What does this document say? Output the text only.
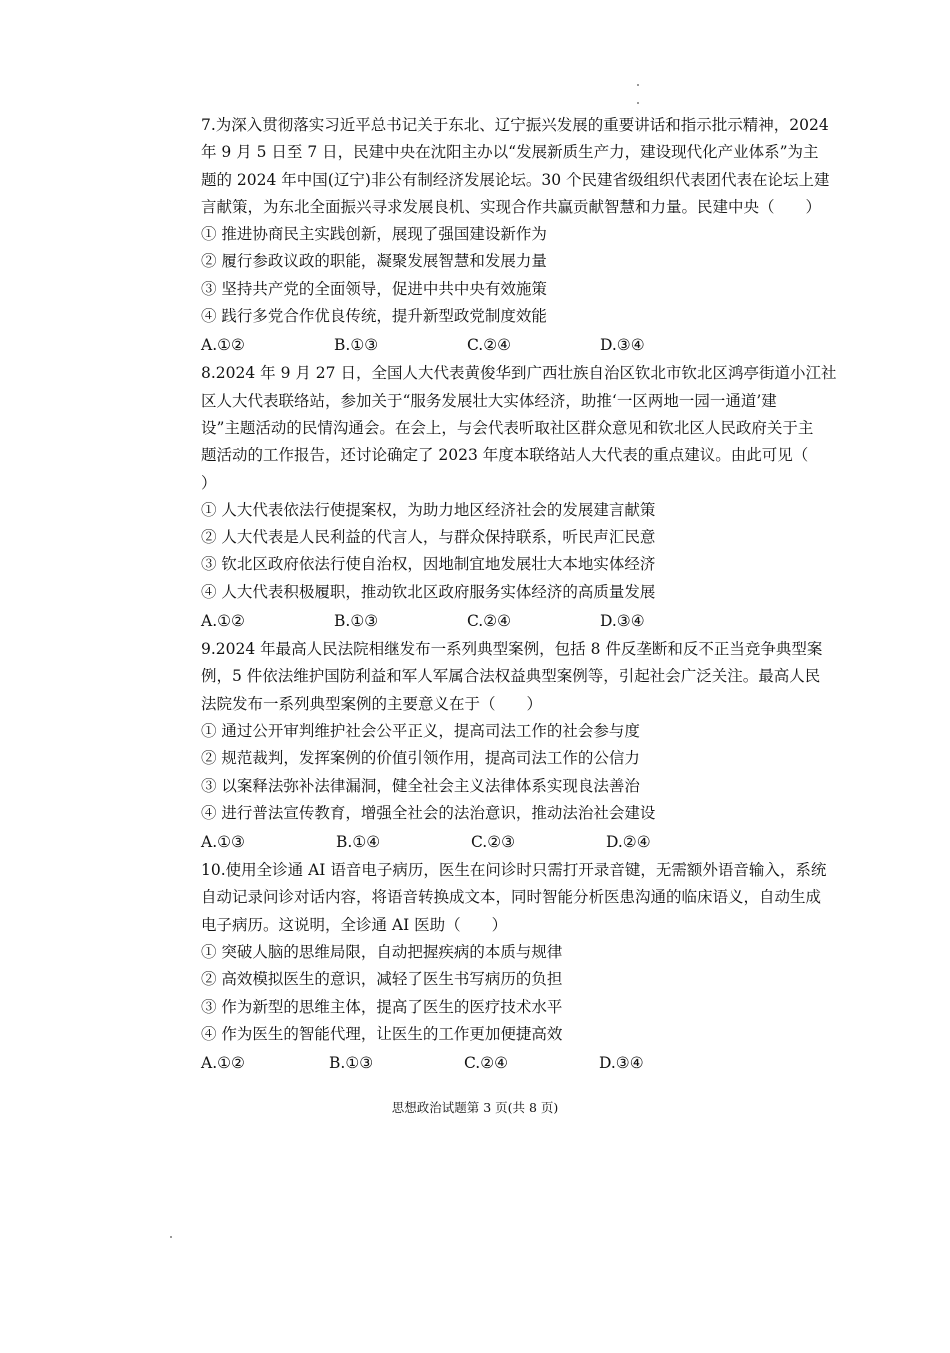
7.为深入贯彻落实习近平总书记关于东北、辽宁振兴发展的重要讲话和指示批示精神，2024
年 9 月 5 日至 7 日，民建中央在沈阳主办以“发展新质生产力，建设现代化产业体系”为主
题的 2024 年中国(辽宁)非公有制经济发展论坛。30 个民建省级组织代表团代表在论坛上建
言献策，为东北全面振兴寻求发展良机、实现合作共赢贡献智慧和力量。民建中央（　　）
① 推进协商民主实践创新，展现了强国建设新作为
② 履行参政议政的职能，凝聚发展智慧和发展力量
③ 坚持共产党的全面领导，促进中共中央有效施策
④ 践行多党合作优良传统，提升新型政党制度效能
A.①②	B.①③	C.②④	D.③④
8.2024 年 9 月 27 日，全国人大代表黄俊华到广西壮族自治区钦北市钦北区鸿亭街道小江社
区人大代表联络站，参加关于“服务发展壮大实体经济，助推‘一区两地一园一通道’建
设”主题活动的民情沟通会。在会上，与会代表听取社区群众意见和钦北区人民政府关于主
题活动的工作报告，还讨论确定了 2023 年度本联络站人大代表的重点建议。由此可见（
）
① 人大代表依法行使提案权，为助力地区经济社会的发展建言献策
② 人大代表是人民利益的代言人，与群众保持联系，听民声汇民意
③ 钦北区政府依法行使自治权，因地制宜地发展壮大本地实体经济
④ 人大代表积极履职，推动钦北区政府服务实体经济的高质量发展
A.①②	B.①③	C.②④	D.③④
9.2024 年最高人民法院相继发布一系列典型案例，包括 8 件反垄断和反不正当竞争典型案
例，5 件依法维护国防利益和军人军属合法权益典型案例等，引起社会广泛关注。最高人民
法院发布一系列典型案例的主要意义在于（　　）
① 通过公开审判维护社会公平正义，提高司法工作的社会参与度
② 规范裁判，发挥案例的价值引领作用，提高司法工作的公信力
③ 以案释法弥补法律漏洞，健全社会主义法律体系实现良法善治
④ 进行普法宣传教育，增强全社会的法治意识，推动法治社会建设
A.①③	B.①④	C.②③	D.②④
10.使用全诊通 AI 语音电子病历，医生在问诊时只需打开录音键，无需额外语音输入，系统
自动记录问诊对话内容，将语音转换成文本，同时智能分析医患沟通的临床语义，自动生成
电子病历。这说明，全诊通 AI 医助（　　）
① 突破人脑的思维局限，自动把握疾病的本质与规律
② 高效模拟医生的意识，减轻了医生书写病历的负担
③ 作为新型的思维主体，提高了医生的医疗技术水平
④ 作为医生的智能代理，让医生的工作更加便捷高效
A.①②	B.①③	C.②④	D.③④
思想政治试题第 3 页(共 8 页)
